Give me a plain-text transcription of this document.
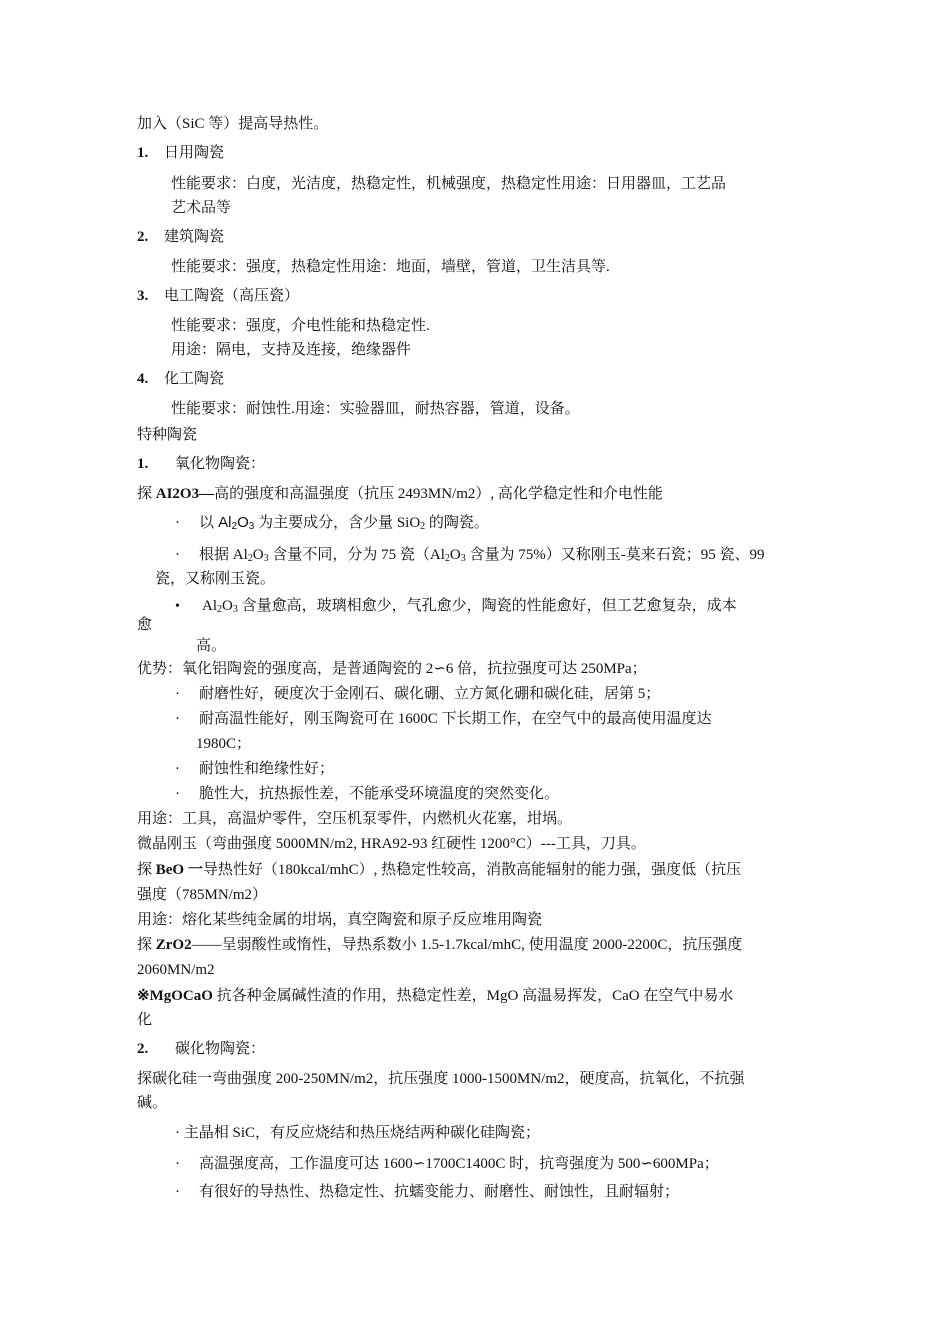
加入（SiC 等）提高导热性。
1. 日用陶瓷
性能要求：白度，光洁度，热稳定性，机械强度，热稳定性用途：日用器皿，工艺品
艺术品等
2. 建筑陶瓷
性能要求：强度，热稳定性用途：地面，墙壁，管道，卫生洁具等.
3. 电工陶瓷（高压瓷）
性能要求：强度，介电性能和热稳定性.
用途：隔电，支持及连接，绝缘器件
4. 化工陶瓷
性能要求：耐蚀性.用途：实验器皿，耐热容器，管道，设备。
特种陶瓷
1. 氧化物陶瓷：
探 AI2O3—高的强度和高温强度（抗压 2493MN/m2）, 高化学稳定性和介电性能
· 以 $Al_2O_3$ 为主要成分，含少量 SiO$_2$ 的陶瓷。
· 根据 $Al_2O_3$ 含量不同，分为 75 瓷（$Al_2O_3$ 含量为 75%）又称刚玉-莫来石瓷；95 瓷、99
瓷，又称刚玉瓷。
• $Al_2O_3$ 含量愈高，玻璃相愈少，气孔愈少，陶瓷的性能愈好，但工艺愈复杂，成本
愈
高。
优势：氧化铝陶瓷的强度高，是普通陶瓷的 2∽6 倍，抗拉强度可达 250MPa；
· 耐磨性好，硬度次于金刚石、碳化硼、立方氮化硼和碳化硅，居第 5；
· 耐高温性能好，刚玉陶瓷可在 1600C 下长期工作，在空气中的最高使用温度达
1980C；
· 耐蚀性和绝缘性好；
· 脆性大，抗热振性差，不能承受环境温度的突然变化。
用途：工具，高温炉零件，空压机泵零件，内燃机火花塞，坩埚。
微晶刚玉（弯曲强度 5000MN/m2, HRA92-93 红硬性 1200°C）---工具，刀具。
探 BeO 一导热性好（180kcal/mhC）, 热稳定性较高，消散高能辐射的能力强，强度低（抗压
强度（785MN/m2）
用途：熔化某些纯金属的坩埚，真空陶瓷和原子反应堆用陶瓷
探 ZrO2——呈弱酸性或惰性，导热系数小 1.5-1.7kcal/mhC, 使用温度 2000-2200C，抗压强度
2060MN/m2
※MgOCaO 抗各种金属碱性渣的作用，热稳定性差，MgO 高温易挥发，CaO 在空气中易水
化
2. 碳化物陶瓷：
探碳化硅一弯曲强度 200-250MN/m2，抗压强度 1000-1500MN/m2，硬度高，抗氧化，不抗强
碱。
· 主晶相 SiC，有反应烧结和热压烧结两种碳化硅陶瓷；
· 高温强度高，工作温度可达 1600∽1700C1400C 时，抗弯强度为 500∽600MPa；
· 有很好的导热性、热稳定性、抗蠕变能力、耐磨性、耐蚀性，且耐辐射；
